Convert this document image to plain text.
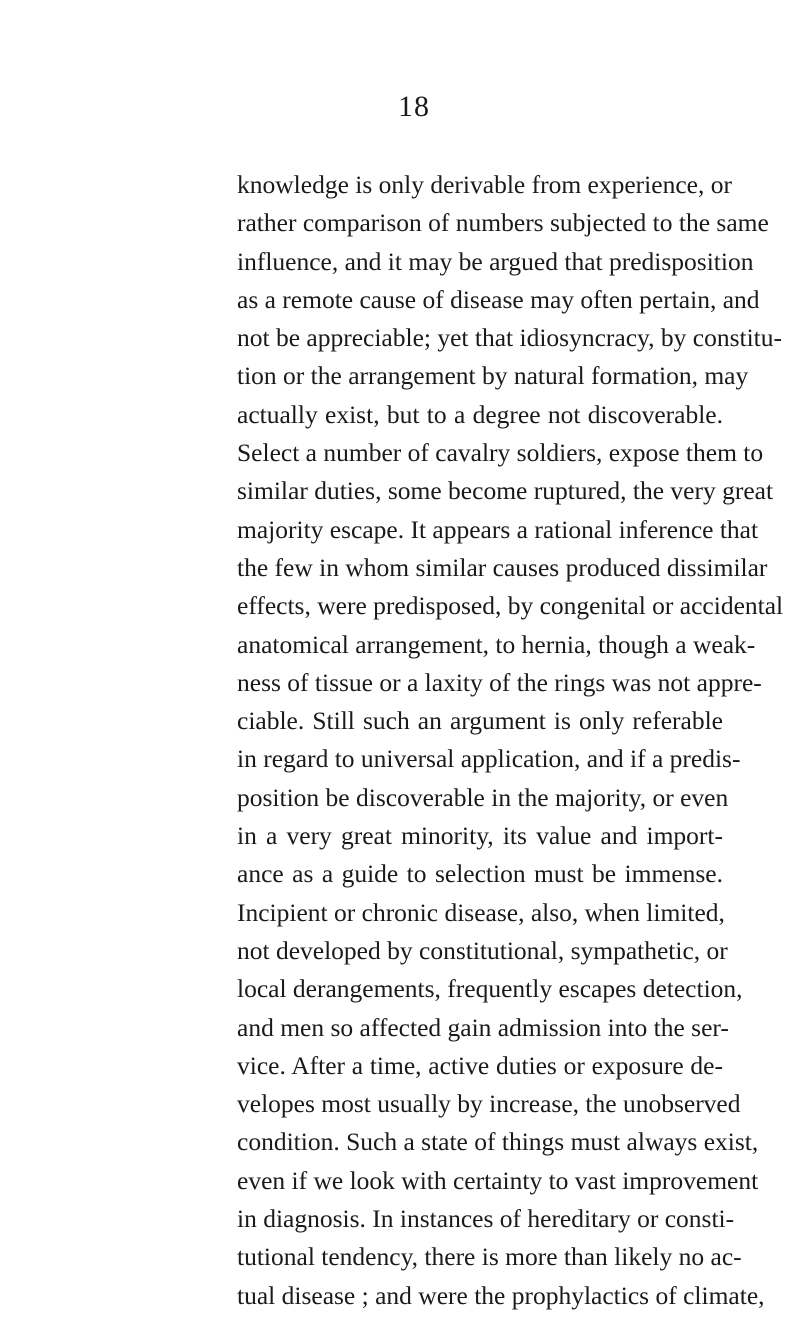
18
knowledge is only derivable from experience, or
rather comparison of numbers subjected to the same
influence, and it may be argued that predisposition
as a remote cause of disease may often pertain, and
not be appreciable; yet that idiosyncracy, by constitu-
tion or the arrangement by natural formation, may
actually exist, but to a degree not discoverable.
Select a number of cavalry soldiers, expose them to
similar duties, some become ruptured, the very great
majority escape. It appears a rational inference that
the few in whom similar causes produced dissimilar
effects, were predisposed, by congenital or accidental
anatomical arrangement, to hernia, though a weak-
ness of tissue or a laxity of the rings was not appre-
ciable. Still such an argument is only referable
in regard to universal application, and if a predis-
position be discoverable in the majority, or even
in a very great minority, its value and import-
ance as a guide to selection must be immense.
Incipient or chronic disease, also, when limited,
not developed by constitutional, sympathetic, or
local derangements, frequently escapes detection,
and men so affected gain admission into the ser-
vice. After a time, active duties or exposure de-
velopes most usually by increase, the unobserved
condition. Such a state of things must always exist,
even if we look with certainty to vast improvement
in diagnosis. In instances of hereditary or consti-
tutional tendency, there is more than likely no ac-
tual disease ; and were the prophylactics of climate,
